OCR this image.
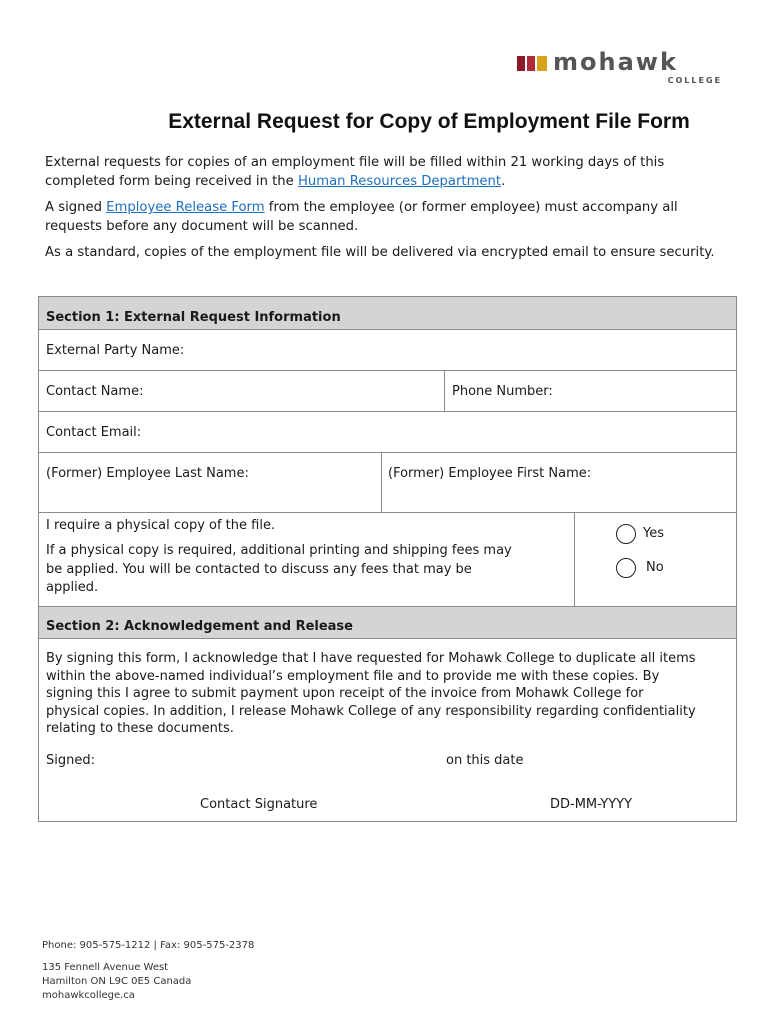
mohawk
COLLEGE
External Request for Copy of Employment File Form
External requests for copies of an employment file will be filled within 21 working days of this completed form being received in the Human Resources Department.
A signed Employee Release Form from the employee (or former employee) must accompany all requests before any document will be scanned.
As a standard, copies of the employment file will be delivered via encrypted email to ensure security.
Section 1: External Request Information
External Party Name:
Contact Name:	Phone Number:
Contact Email:
(Former) Employee Last Name:	(Former) Employee First Name:
I require a physical copy of the file.
If a physical copy is required, additional printing and shipping fees may be applied. You will be contacted to discuss any fees that may be applied.
Yes
No
Section 2: Acknowledgement and Release
By signing this form, I acknowledge that I have requested for Mohawk College to duplicate all items within the above-named individual’s employment file and to provide me with these copies. By signing this I agree to submit payment upon receipt of the invoice from Mohawk College for physical copies. In addition, I release Mohawk College of any responsibility regarding confidentiality relating to these documents.
Signed:	on this date
Contact Signature	DD-MM-YYYY
Phone: 905-575-1212 | Fax: 905-575-2378
135 Fennell Avenue West
Hamilton ON L9C 0E5 Canada
mohawkcollege.ca
